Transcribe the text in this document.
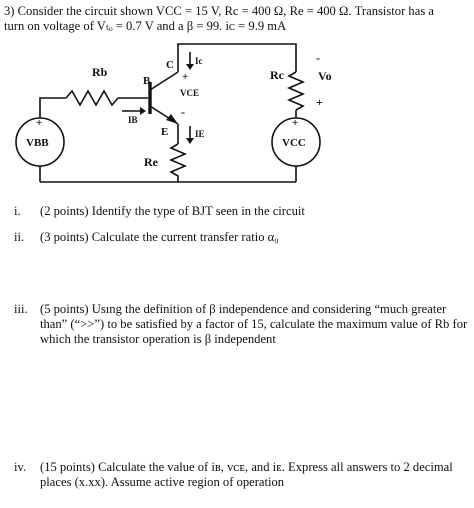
3) Consider the circuit shown VCC = 15 V, Rc = 400 Ω, Re = 400 Ω. Transistor has a
turn on voltage of Vₜₒ = 0.7 V and a β = 99. iᴄ = 9.9 mA
Rb
B
C Ic
+
VCE
-
IB
E	IE
Re
Rc
-
Vo
+
+
VBB
+
VCC
i. (2 points) Identify the type of BJT seen in the circuit
ii. (3 points) Calculate the current transfer ratio α₀
iii. (5 points) Usıng the definition of β independence and considering “much greater than” (“>>”) to be satisfied by a factor of 15, calculate the maximum value of Rb for which the transistor operation is β independent
iv. (15 points) Calculate the value of iʙ, vᴄᴇ, and iᴇ. Express all answers to 2 decimal places (x.xx). Assume active region of operation
